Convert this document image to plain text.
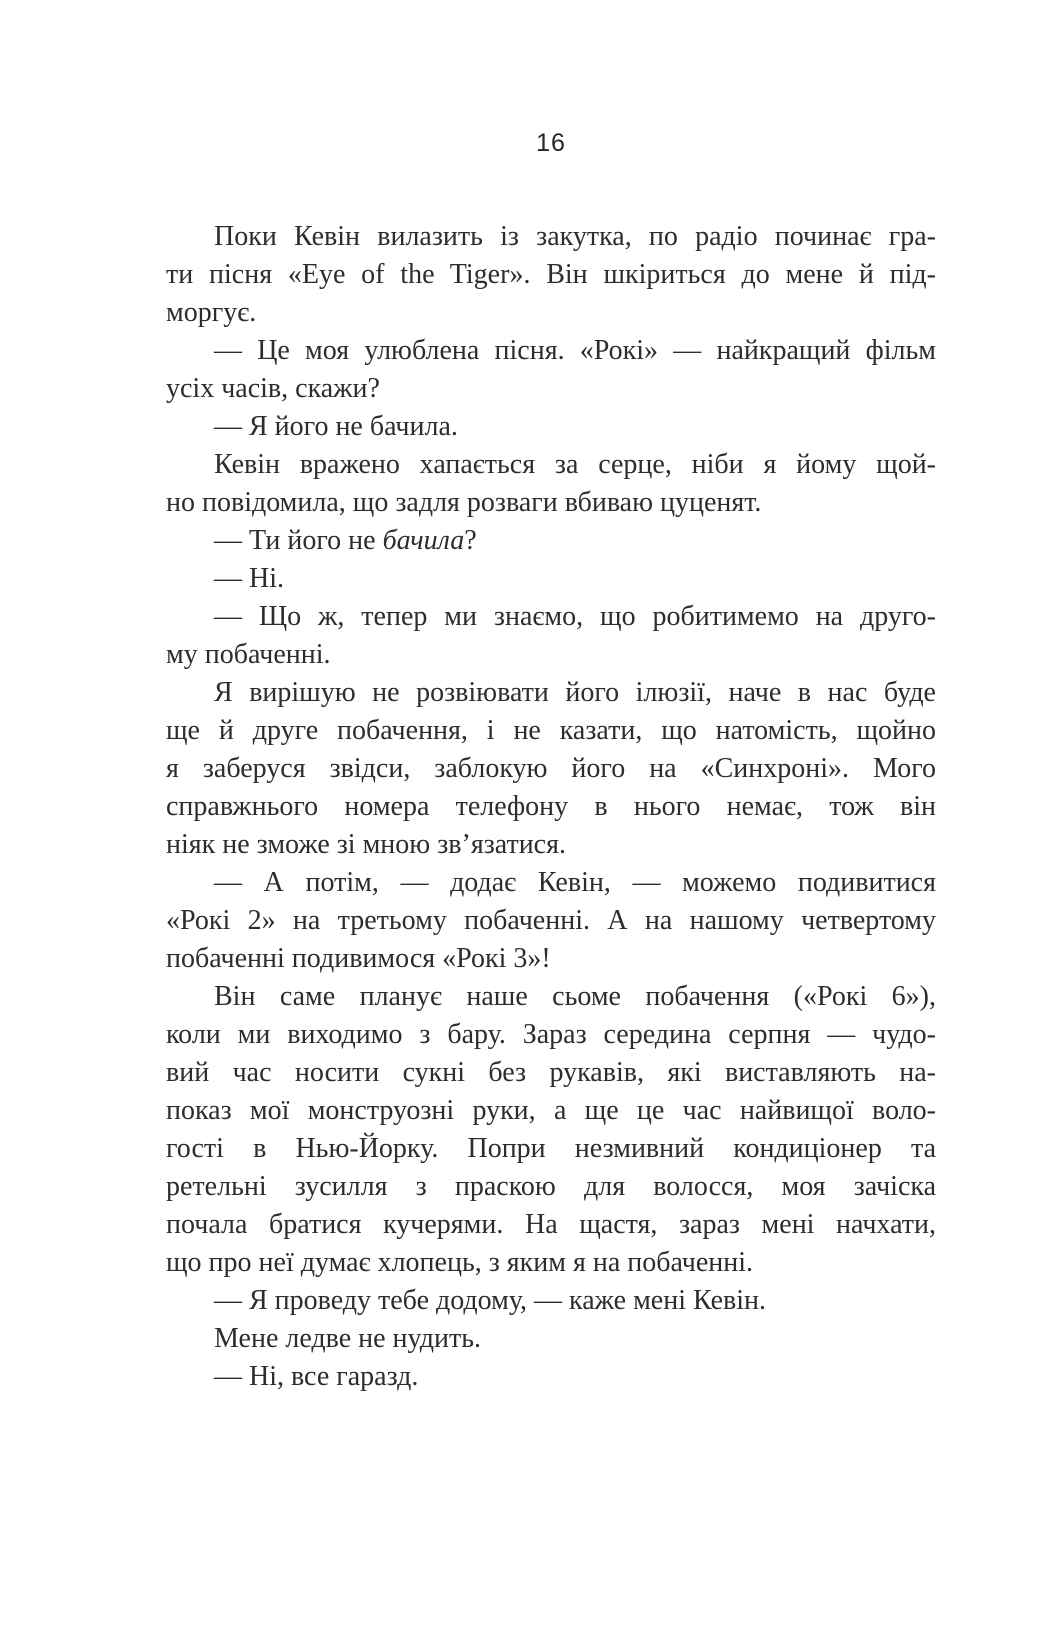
16
Поки Кевін вилазить із закутка, по радіо починає гра-
ти пісня «Eye of the Tiger». Він шкіриться до мене й під-
моргує.
— Це моя улюблена пісня. «Рокі» — найкращий фільм
усіх часів, скажи?
— Я його не бачила.
Кевін вражено хапається за серце, ніби я йому щой-
но повідомила, що задля розваги вбиваю цуценят.
— Ти його не бачила?
— Ні.
— Що ж, тепер ми знаємо, що робитимемо на друго-
му побаченні.
Я вирішую не розвіювати його ілюзії, наче в нас буде
ще й друге побачення, і не казати, що натомість, щойно
я заберуся звідси, заблокую його на «Синхроні». Мого
справжнього номера телефону в нього немає, тож він
ніяк не зможе зі мною зв’язатися.
— А потім, — додає Кевін, — можемо подивитися
«Рокі 2» на третьому побаченні. А на нашому четвертому
побаченні подивимося «Рокі 3»!
Він саме планує наше сьоме побачення («Рокі 6»),
коли ми виходимо з бару. Зараз середина серпня — чудо-
вий час носити сукні без рукавів, які виставляють на-
показ мої монструозні руки, а ще це час найвищої воло-
гості в Нью-Йорку. Попри незмивний кондиціонер та
ретельні зусилля з праскою для волосся, моя зачіска
почала братися кучерями. На щастя, зараз мені начхати,
що про неї думає хлопець, з яким я на побаченні.
— Я проведу тебе додому, — каже мені Кевін.
Мене ледве не нудить.
— Ні, все гаразд.
